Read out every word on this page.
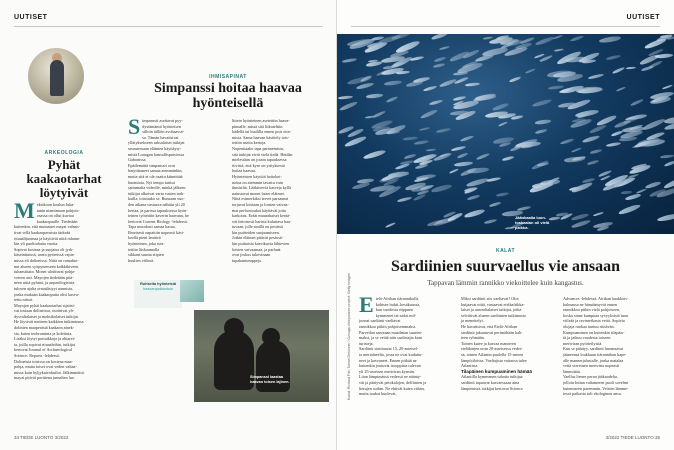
UUTISET
ARKEOLOGIA
Pyhät kaakaotarhat löytyivät
M eksikoon koulun Juka-
tanin niemimaan pohjois-
osassa on ollut kuvioa
kaakaopuulle. Tiedetään
kuitenkin, että muinaiset mayat valmis-
tivat sellä kaakaopavuista tärkeää
rituaalijuomaa ja käyttivät niitä rahana-
kin yli puolituhatta vuotta.
Sopivat kosteaa ja suojaisa oli jyrk-
käseinäisissä, usein pyöreissä vajoa-
missa eli dolineissa. Niitä on romahta-
nut alueen syöpyneeseen kalkkikiveen
tuhansittain. Monet uloittuvat pohja-
veteen asti. Mayojen tiedetään pitä-
neen niitä pyhinä, ja arqueólogisista
tulosen ajalta ornaalisiyyt nannista,
jonka mukaan kaakaopuita olisi kasva-
tettu niissä.
Mayojen pyhät kaakaotarhat sijaitsi-
vat tosiaan dolineissa, osoittivat yh-
dysvaltalaiset ja meksikolaiset tutkijat.
He löysivät meiteen kaikkien tutkimiensa
dolinien maaperästä kaakaon ainek-
sia, kuten teobrominia ja kofeiinia.
Lisäksi löytyi portaikkoja ja alttarei-
ta, joilla sopivat rituaaleihin, tutkijat
kertovat Journal of Archaeological
Science: Reports -lehdessä.
Dolineista toisissa on kosteaa maa-
pohja, mutta toiset ovat veden valtaa-
missa kuin hyljykaivokuilut. Jälkimmäisä
mayat pitivät porttiena jumalten luo.
IHMISAPINAT
Simpanssi hoitaa haavaa hyönteisellä
S impanssit asettavat pyy-
dystämänsä hyönteisen
silloin tällöin avohaavoi-
sa. Tämän havaitsivat
yllätyksekseen saksalaiset tutkijat
seuratessaan eläinten käyttäyty-
mistä Loangon kansallispuistossa
Gabonissa.
Epäilemättä simpanssit ovat
harjoittaneet samaa aiemminkin,
mutta sitä ei ole osattu kiinnittää
huomiota. Nyt tempo tarttui
sattumalta videolle, minkä jälkeen
tutkijat alkoivat varta vasten tark-
kailla, toistuuko se. Runsaan vuo-
den aikana vastaava nähtiin yli 20
kertaa, ja parissa tapauksessa hyön-
teinen työtettiin kaverin haavaan, he
kertovat Current Biology -lehdessä.
Tapa muodosti samaa kasaa.
Ilmeisesti napattiin nopeasti käsi-
keellä pieni lentävä
hyönteinen, joka ruts-
tettiin liiskaamalla
sikkani suusta siipien
huulien välissä.
littein hyönteinen asetettiin haava-
pinnalle, missä sitä liikuteltiin
kädellä tai huulilla ennen pois otta-
mista. Sama haavan käsittely tois-
tettiin useita kertoja.
Nopeuttaako tapa paranemista,
sitä tutkijat eivät vielä tiedä. Heidän
mielestään on jotain tapauksessa
tiivistä, että kyse on yrityksestä
hoitaa haavaa.
Hyönteisten käyttöä hoitokei-
noina on aiemmin tavattu vain
ihmisiltä. Lääkitseviä kasveja kyllä
natustavat monet laiset eläimet.
Niitä esimerkiksi tervet parsaanat
torjuvat loisiaan ja loisten vaivaa-
mat perhostoukat käyttävät joita
karkotus. Eräät muurahaiset kerää-
vät tietoisesti hartsia kuluttava hau-
tuvaan, jolle sinillä on pesässä
kin puitteiden suojaamiseen.
Jotkin eläimet pitävät pesässä-
kin puittaisia kasvikuvia lähtevien
loisten vaivaamaa, ja parhaat
ovat joskus tukevinaan
tupakantumppeja.
Ruhkeita hyönteisiä
haavanpaikantoin
Simpanssi laastaa haavan toisen lajinen.
34 TIEDE LUONTO 3/2022
UUTISET
Jäänkaalla luon-toskaalan oli vielä paikka.
KALAT
Sardiinien suurvaellus vie ansaan
Tappavan lämmin rannikko viekoittelee kuin kangastus.
Kuvat: Richard Fits; Tobias Deschner / Ozouga chimpanzee project; Getty Images E telä-Afrikan itärannikolla
kuhisee huhti–kesäkuussa,
kun vuodesta riippuen
kymmenet tai sadat mil-
joonat sardiinit vaeltavat
rannikkoa pitkin pohjoisemmaksi.
Parveilua sanotaan maailman suurim-
maksi, ja se vetää niin saalistajia kuin
turisteja.
Sardiinit starttaavat 15–20-asteisel-
ta merialueelta, jossa ne ovat kuduttu-
neet ja kasvaneet. Ennen pitkää ne
kuitenkin joutuvat trooppisia tulevan
yli 25-asteisen meriviran kynsiin.
Liian lämpimässä vedessä ne näänty-
vät ja päätyvät petokalojen, delfiinien ja
lintujen suihin. Ne ehtivät kutea vähän,
mutta toukat kuolevat.
Miksi sardiinit siis vaeltavat? Olot
huijaavat niitä, vastaavat eteläafrikka-
laiset ja australialaiset tutkijat, jotka
selvittivät alueen sardiinien tutkimusta
ja menettelyt.
He havaitsivat, että Etelä-Afrikan
sardiinit jakautuvat perimältään kah-
teen ryhmään.
Toinen kutee ja kasvaa manteren
eteläkärjen noin 20-asteisessa vedes-
sä, toinen Atlantin puolella 15-asteen
lämpötiloissa. Vaeltajista vaitaosa tulee
Atlantista.
Tilapäinen kumpuaminen hämää
Atlantilla kymmenen tuhatta tutkijaa
sardiinit tapaavat kasvaessaan aina
lämpimissä, tutkijat kertovat Science
Advances -lehdessä. Afrikan kaakkois-
kulmassa ne hämääntyvät ennen
rannikkoa pitkin vielä pohjoiseen,
koska sinne kumpuaa syvyyksistä tuon
viileää ja ravinteikasta vettä. Sopivia
olojaja ruokaa tuntuu riittävän.
Kumpuaminen on kuitenkin tilapäis-
tä ja jatkuu vuodesta toiseen
meriviran pyörteilyistä.
Kun se päättyy, sardiinit huomaavat
jääneensä loukkuun itärannikon kape-
alle mannerjalustalle, jonka matalaa
vettä viereinen merivirta nopeasti
lämmittää.
Vaellus lienee perua jääkaudelta,
jolloin Intian valtameren puoli sovelmi
kutemiseen paremmin. Veisien lämme-
tessä paikasta tuli ekologinen ansa.
3/2022 TIEDE LUONTO 35
